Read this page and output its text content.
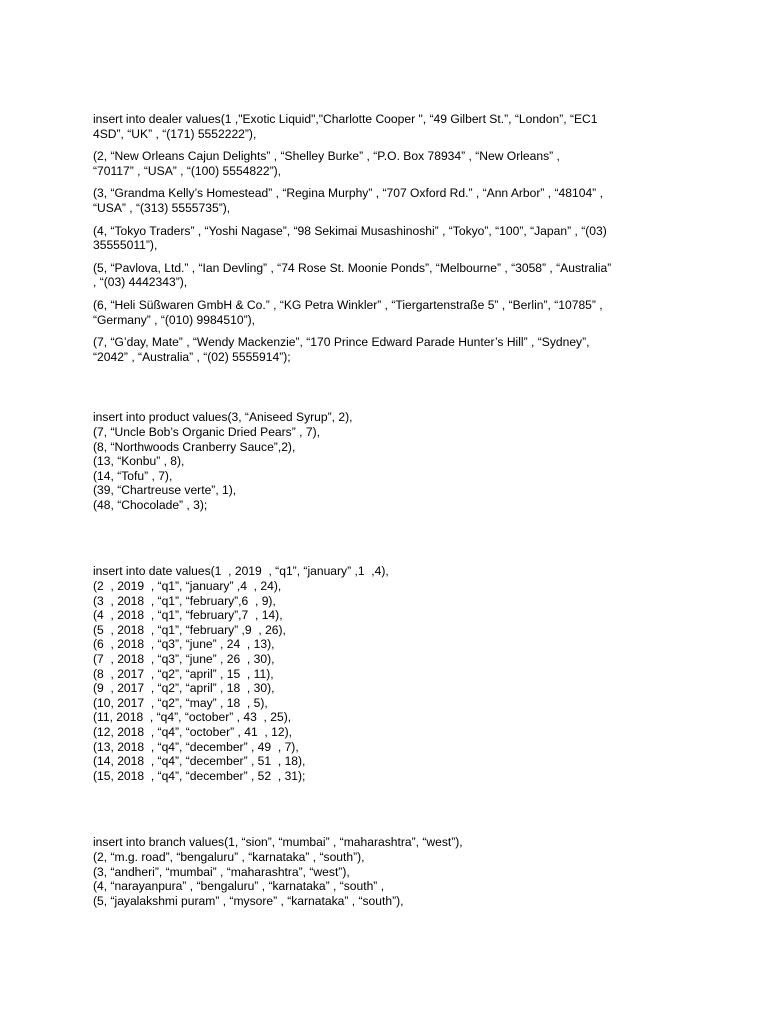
insert into dealer values(1 ,"Exotic Liquid","Charlotte Cooper ", “49 Gilbert St.”, “London”, “EC1
4SD”, “UK” , “(171) 5552222”),
(2, “New Orleans Cajun Delights” , “Shelley Burke” , “P.O. Box 78934” , “New Orleans” ,
“70117” , “USA” , “(100) 5554822”),
(3, “Grandma Kelly’s Homestead” , “Regina Murphy” , “707 Oxford Rd.” , “Ann Arbor” , “48104” ,
“USA” , “(313) 5555735”),
(4, “Tokyo Traders” , “Yoshi Nagase”, “98 Sekimai Musashinoshi” , “Tokyo”, “100”, “Japan” , “(03)
35555011”),
(5, “Pavlova, Ltd.” , “Ian Devling” , “74 Rose St. Moonie Ponds”, “Melbourne” , “3058” , “Australia”
, “(03) 4442343”),
(6, “Heli Süßwaren GmbH & Co.” , “KG Petra Winkler” , “Tiergartenstraße 5” , “Berlin”, “10785” ,
“Germany” , “(010) 9984510”),
(7, “G’day, Mate” , “Wendy Mackenzie”, “170 Prince Edward Parade Hunter’s Hill” , “Sydney”,
“2042” , “Australia” , “(02) 5555914”);
insert into product values(3, “Aniseed Syrup”, 2),
(7, “Uncle Bob’s Organic Dried Pears” , 7),
(8, “Northwoods Cranberry Sauce”,2),
(13, “Konbu” , 8),
(14, “Tofu” , 7),
(39, “Chartreuse verte”, 1),
(48, “Chocolade” , 3);
insert into date values(1  , 2019  , “q1”, “january” ,1  ,4),
(2  , 2019  , “q1”, “january” ,4  , 24),
(3  , 2018  , “q1”, “february”,6  , 9),
(4  , 2018  , “q1”, “february”,7  , 14),
(5  , 2018  , “q1”, “february” ,9  , 26),
(6  , 2018  , “q3”, “june” , 24  , 13),
(7  , 2018  , “q3”, “june” , 26  , 30),
(8  , 2017  , “q2”, “april” , 15  , 11),
(9  , 2017  , “q2”, “april” , 18  , 30),
(10, 2017  , “q2”, “may” , 18  , 5),
(11, 2018  , “q4”, “october” , 43  , 25),
(12, 2018  , “q4”, “october” , 41  , 12),
(13, 2018  , “q4”, “december” , 49  , 7),
(14, 2018  , “q4”, “december” , 51  , 18),
(15, 2018  , “q4”, “december” , 52  , 31);
insert into branch values(1, “sion”, “mumbai” , “maharashtra”, “west”),
(2, “m.g. road”, “bengaluru” , “karnataka” , “south”),
(3, “andheri”, “mumbai” , “maharashtra”, “west”),
(4, “narayanpura” , “bengaluru” , “karnataka” , “south” ,
(5, “jayalakshmi puram” , “mysore” , “karnataka” , “south”),
